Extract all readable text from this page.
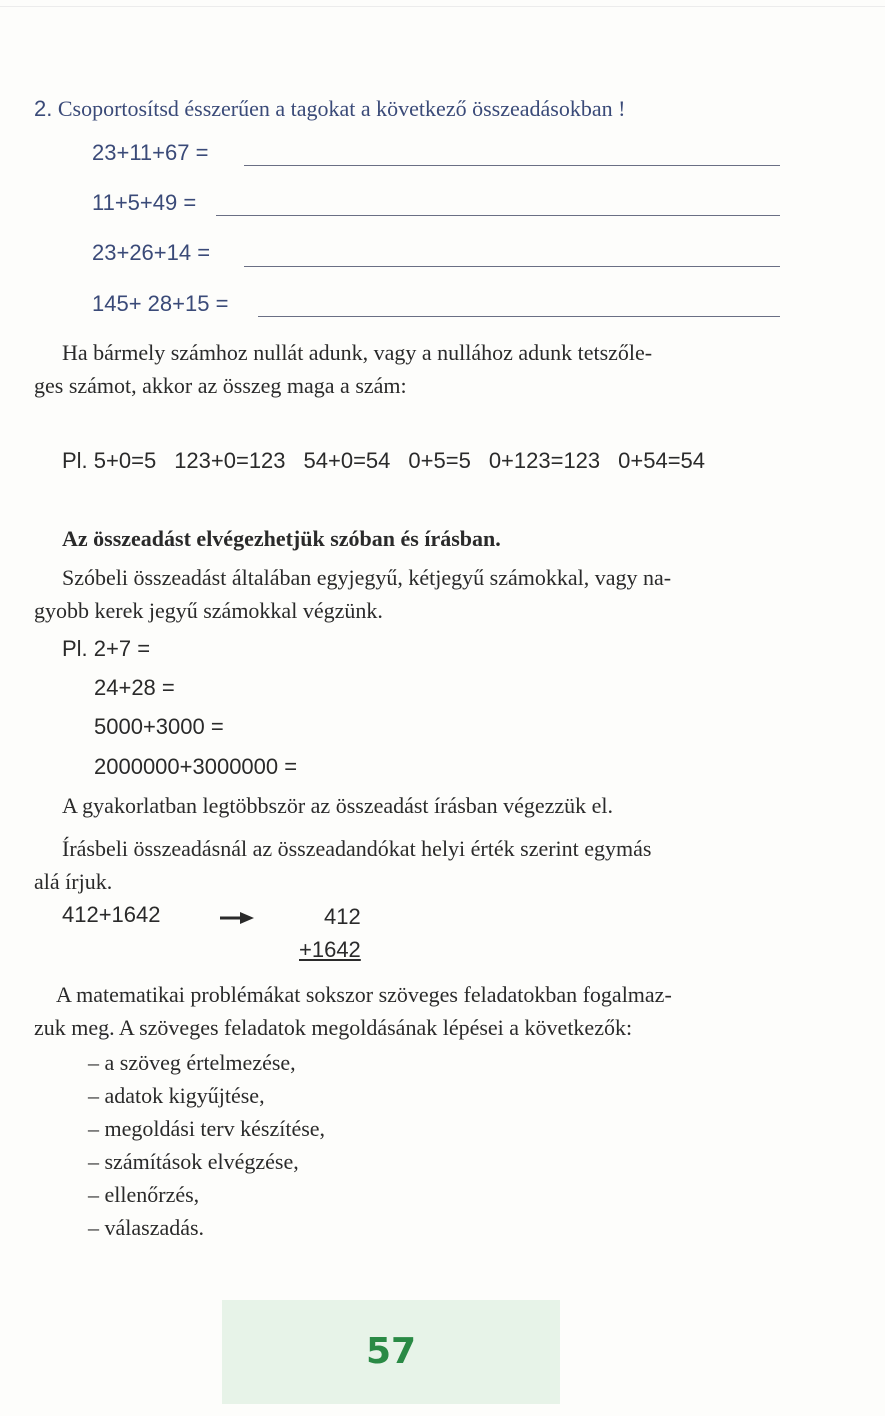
2. Csoportosítsd ésszerűen a tagokat a következő összeadásokban !
23+11+67 =
11+5+49 =
23+26+14 =
145+ 28+15 =
Ha bármely számhoz nullát adunk, vagy a nullához adunk tetszőle-
ges számot, akkor az összeg maga a szám:
Pl. 5+0=5 123+0=123 54+0=54 0+5=5 0+123=123 0+54=54
Az összeadást elvégezhetjük szóban és írásban.
Szóbeli összeadást általában egyjegyű, kétjegyű számokkal, vagy na-
gyobb kerek jegyű számokkal végzünk.
Pl. 2+7 =
24+28 =
5000+3000 =
2000000+3000000 =
A gyakorlatban legtöbbször az összeadást írásban végezzük el.
Írásbeli összeadásnál az összeadandókat helyi érték szerint egymás
alá írjuk.
412+1642	412
+1642
A matematikai problémákat sokszor szöveges feladatokban fogalmaz-
zuk meg. A szöveges feladatok megoldásának lépései a következők:
– a szöveg értelmezése,
– adatok kigyűjtése,
– megoldási terv készítése,
– számítások elvégzése,
– ellenőrzés,
– válaszadás.
57
